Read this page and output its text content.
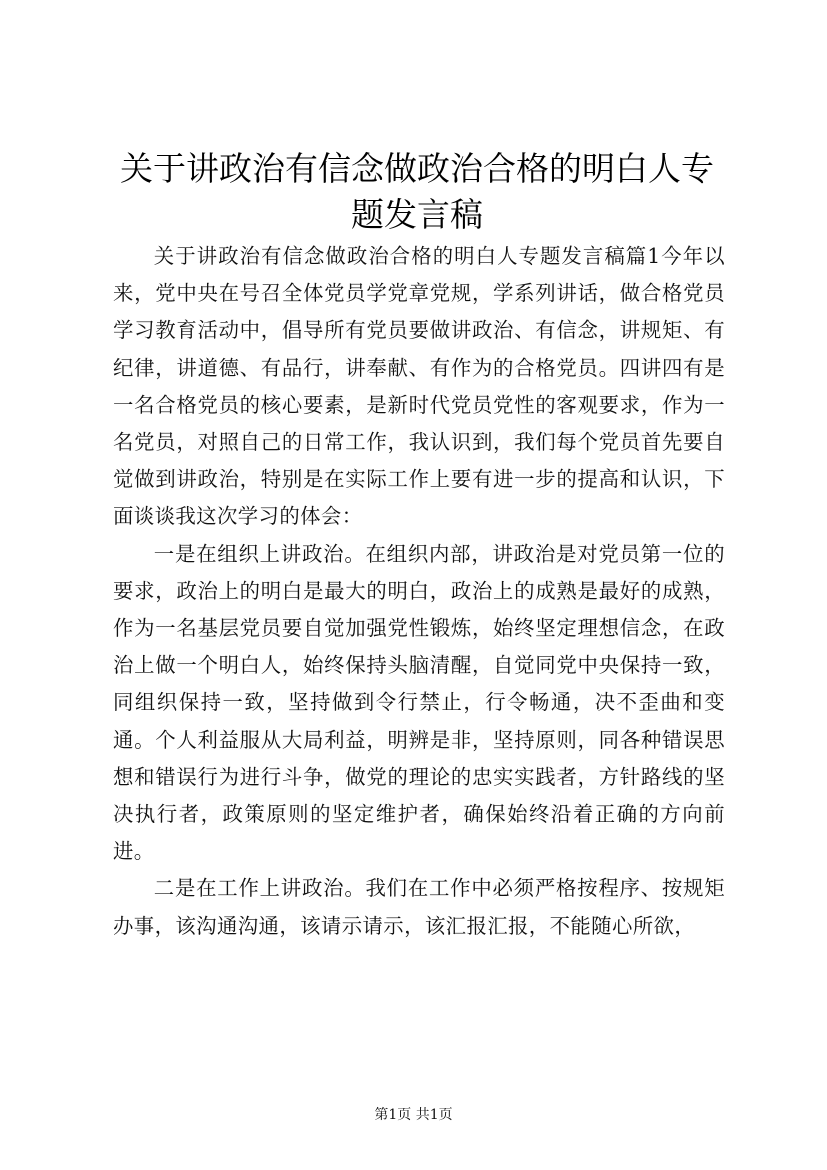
关于讲政治有信念做政治合格的明白人专题发言稿

关于讲政治有信念做政治合格的明白人专题发言稿篇1今年以来，党中央在号召全体党员学党章党规，学系列讲话，做合格党员学习教育活动中，倡导所有党员要做讲政治、有信念，讲规矩、有纪律，讲道德、有品行，讲奉献、有作为的合格党员。四讲四有是一名合格党员的核心要素，是新时代党员党性的客观要求，作为一名党员，对照自己的日常工作，我认识到，我们每个党员首先要自觉做到讲政治，特别是在实际工作上要有进一步的提高和认识，下面谈谈我这次学习的体会：

一是在组织上讲政治。在组织内部，讲政治是对党员第一位的要求，政治上的明白是最大的明白，政治上的成熟是最好的成熟，作为一名基层党员要自觉加强党性锻炼，始终坚定理想信念，在政治上做一个明白人，始终保持头脑清醒，自觉同党中央保持一致，同组织保持一致，坚持做到令行禁止，行令畅通，决不歪曲和变通。个人利益服从大局利益，明辨是非，坚持原则，同各种错误思想和错误行为进行斗争，做党的理论的忠实实践者，方针路线的坚决执行者，政策原则的坚定维护者，确保始终沿着正确的方向前进。

二是在工作上讲政治。我们在工作中必须严格按程序、按规矩办事，该沟通沟通，该请示请示，该汇报汇报，不能随心所欲，

第1页 共1页
